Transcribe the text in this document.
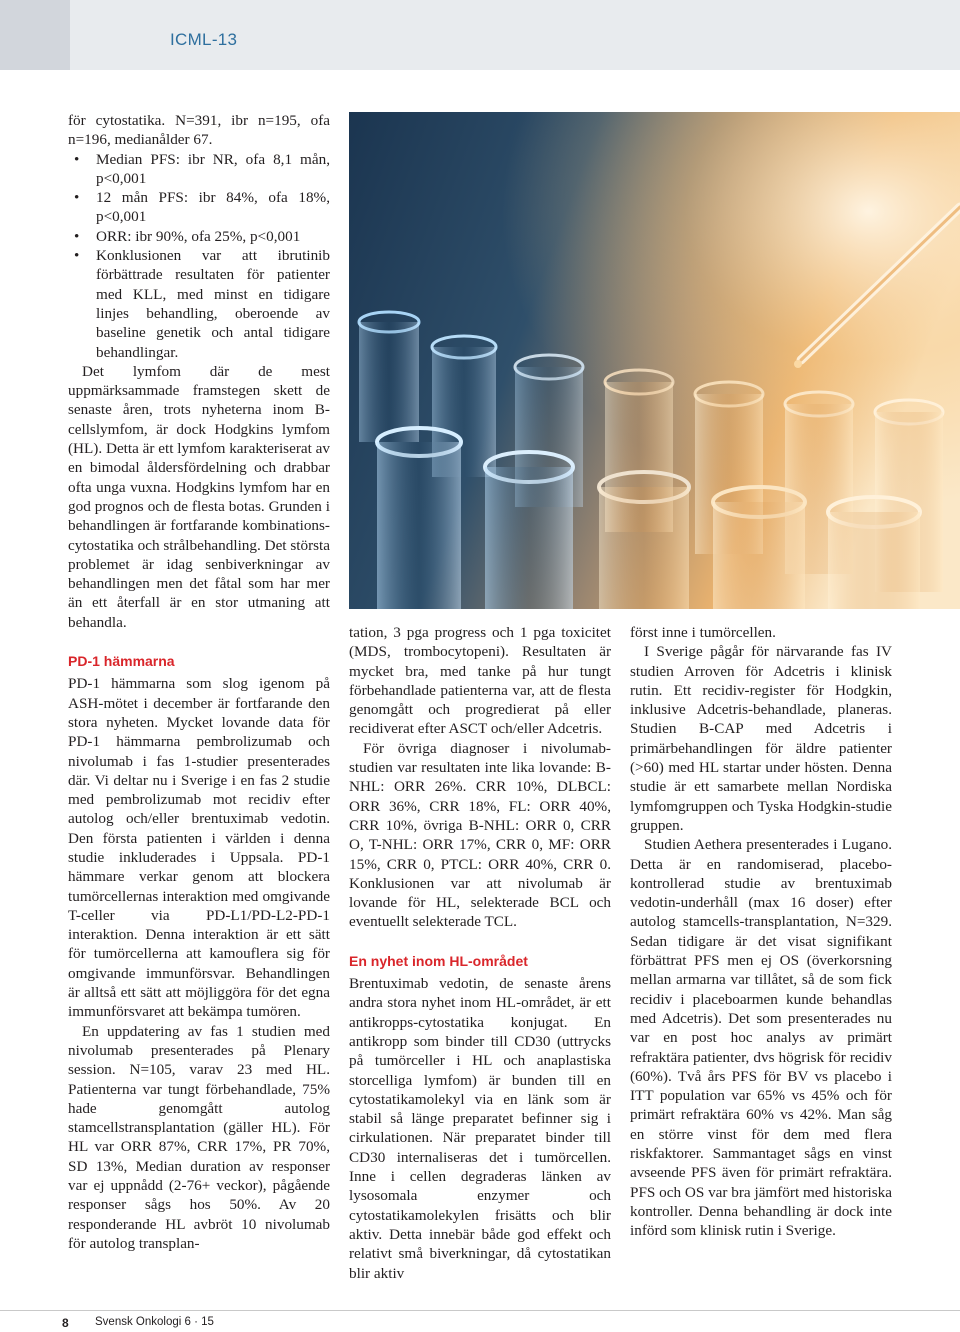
ICML-13

för cytostatika. N=391, ibr n=195, ofa n=196, medianålder 67.

• Median PFS: ibr NR, ofa 8,1 mån, p<0,001
• 12 mån PFS: ibr 84%, ofa 18%, p<0,001
• ORR: ibr 90%, ofa 25%, p<0,001
• Konklusionen var att ibrutinib förbättrade resultaten för patienter med KLL, med minst en tidigare linjes behandling, oberoende av baseline genetik och antal tidigare behandlingar.

Det lymfom där de mest uppmärksammade framstegen skett de senaste åren, trots nyheterna inom B-cellslymfom, är dock Hodgkins lymfom (HL). Detta är ett lymfom karakteriserat av en bimodal åldersfördelning och drabbar ofta unga vuxna. Hodgkins lymfom har en god prognos och de flesta botas. Grunden i behandlingen är fortfarande kombinations-cytostatika och strålbehandling. Det största problemet är idag senbiverkningar av behandlingen men det fåtal som har mer än ett återfall är en stor utmaning att behandla.

PD-1 hämmarna

PD-1 hämmarna som slog igenom på ASH-mötet i december är fortfarande den stora nyheten. Mycket lovande data för PD-1 hämmarna pembrolizumab och nivolumab i fas 1-studier presenterades där. Vi deltar nu i Sverige i en fas 2 studie med pembrolizumab mot recidiv efter autolog och/eller brentuximab vedotin. Den första patienten i världen i denna studie inkluderades i Uppsala. PD-1 hämmare verkar genom att blockera tumörcellernas interaktion med omgivande T-celler via PD-L1/PD-L2-PD-1 interaktion. Denna interaktion är ett sätt för tumörcellerna att kamouflera sig för omgivande immunförsvar. Behandlingen är alltså ett sätt att möjliggöra för det egna immunförsvaret att bekämpa tumören.

En uppdatering av fas 1 studien med nivolumab presenterades på Plenary session. N=105, varav 23 med HL. Patienterna var tungt förbehandlade, 75% hade genomgått autolog stamcellstransplantation (gäller HL). För HL var ORR 87%, CRR 17%, PR 70%, SD 13%, Median duration av responser var ej uppnådd (2-76+ veckor), pågående responser sågs hos 50%. Av 20 responderande HL avbröt 10 nivolumab för autolog transplan-

tation, 3 pga progress och 1 pga toxicitet (MDS, trombocytopeni). Resultaten är mycket bra, med tanke på hur tungt förbehandlade patienterna var, att de flesta genomgått och progredierat på eller recidiverat efter ASCT och/eller Adcetris.

För övriga diagnoser i nivolumab-studien var resultaten inte lika lovande: B-NHL: ORR 26%. CRR 10%, DLBCL: ORR 36%, CRR 18%, FL: ORR 40%, CRR 10%, övriga B-NHL: ORR 0, CRR O, T-NHL: ORR 17%, CRR 0, MF: ORR 15%, CRR 0, PTCL: ORR 40%, CRR 0. Konklusionen var att nivolumab är lovande för HL, selekterade BCL och eventuellt selekterade TCL.

En nyhet inom HL-området

Brentuximab vedotin, de senaste årens andra stora nyhet inom HL-området, är ett antikropps-cytostatika konjugat. En antikropp som binder till CD30 (uttrycks på tumörceller i HL och anaplastiska storcelliga lymfom) är bunden till en cytostatikamolekyl via en länk som är stabil så länge preparatet befinner sig i cirkulationen. När preparatet binder till CD30 internaliseras det i tumörcellen. Inne i cellen degraderas länken av lysosomala enzymer och cytostatikamolekylen frisätts och blir aktiv. Detta innebär både god effekt och relativt små biverkningar, då cytostatikan blir aktiv

först inne i tumörcellen.

I Sverige pågår för närvarande fas IV studien Arroven för Adcetris i klinisk rutin. Ett recidiv-register för Hodgkin, inklusive Adcetris-behandlade, planeras. Studien B-CAP med Adcetris i primärbehandlingen för äldre patienter (>60) med HL startar under hösten. Denna studie är ett samarbete mellan Nordiska lymfomgruppen och Tyska Hodgkin-studie gruppen.

Studien Aethera presenterades i Lugano. Detta är en randomiserad, placebo-kontrollerad studie av brentuximab vedotin-underhåll (max 16 doser) efter autolog stamcells-transplantation, N=329. Sedan tidigare är det visat signifikant förbättrat PFS men ej OS (överkorsning mellan armarna var tillåtet, så de som fick recidiv i placeboarmen kunde behandlas med Adcetris). Det som presenterades nu var en post hoc analys av primärt refraktära patienter, dvs högrisk för recidiv (60%). Två års PFS för BV vs placebo i ITT population var 65% vs 45% och för primärt refraktära 60% vs 42%. Man såg en större vinst för dem med flera riskfaktorer. Sammantaget sågs en vinst avseende PFS även för primärt refraktära. PFS och OS var bra jämfört med historiska kontroller. Denna behandling är dock inte införd som klinisk rutin i Sverige.

8 Svensk Onkologi 6 · 15
